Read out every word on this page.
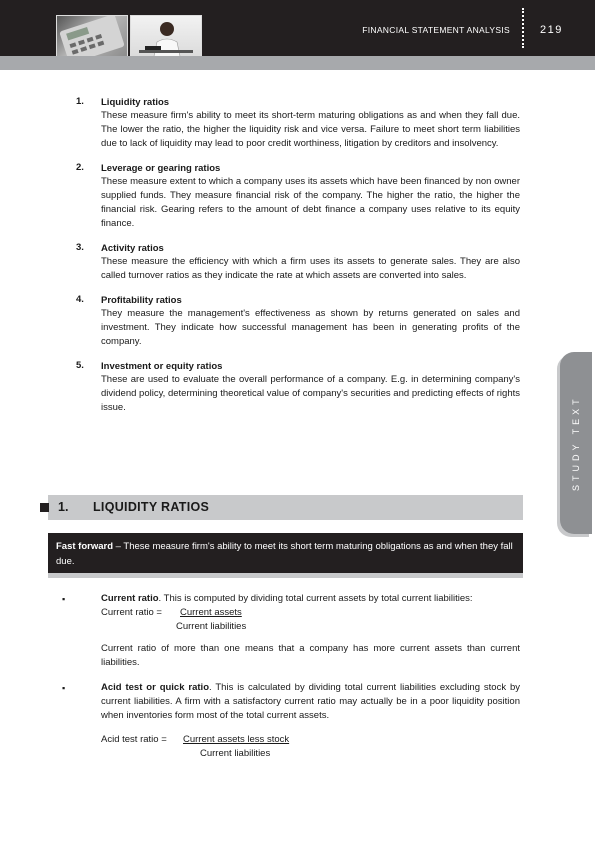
FINANCIAL STATEMENT ANALYSIS	219
1. Liquidity ratios
These measure firm's ability to meet its short-term maturing obligations as and when they fall due. The lower the ratio, the higher the liquidity risk and vice versa. Failure to meet short term liabilities due to lack of liquidity may lead to poor credit worthiness, litigation by creditors and insolvency.
2. Leverage or gearing ratios
These measure extent to which a company uses its assets which have been financed by non owner supplied funds. They measure financial risk of the company. The higher the ratio, the higher the financial risk. Gearing refers to the amount of debt finance a company uses relative to its equity finance.
3. Activity ratios
These measure the efficiency with which a firm uses its assets to generate sales. They are also called turnover ratios as they indicate the rate at which assets are converted into sales.
4. Profitability ratios
They measure the management's effectiveness as shown by returns generated on sales and investment. They indicate how successful management has been in generating profits of the company.
5. Investment or equity ratios
These are used to evaluate the overall performance of a company. E.g. in determining company's dividend policy, determining theoretical value of company's securities and predicting effects of rights issue.	STUDY TEXT
1. LIQUIDITY RATIOS
Fast forward – These measure firm's ability to meet its short term maturing obligations as and when they fall due.
▪	Current ratio. This is computed by dividing total current assets by total current liabilities:
Current ratio = Current assets
Current liabilities
Current ratio of more than one means that a company has more current assets than current liabilities.
▪	Acid test or quick ratio. This is calculated by dividing total current liabilities excluding stock by current liabilities. A firm with a satisfactory current ratio may actually be in a poor liquidity position when inventories form most of the total current assets.
Acid test ratio = Current assets less stock
Current liabilities
